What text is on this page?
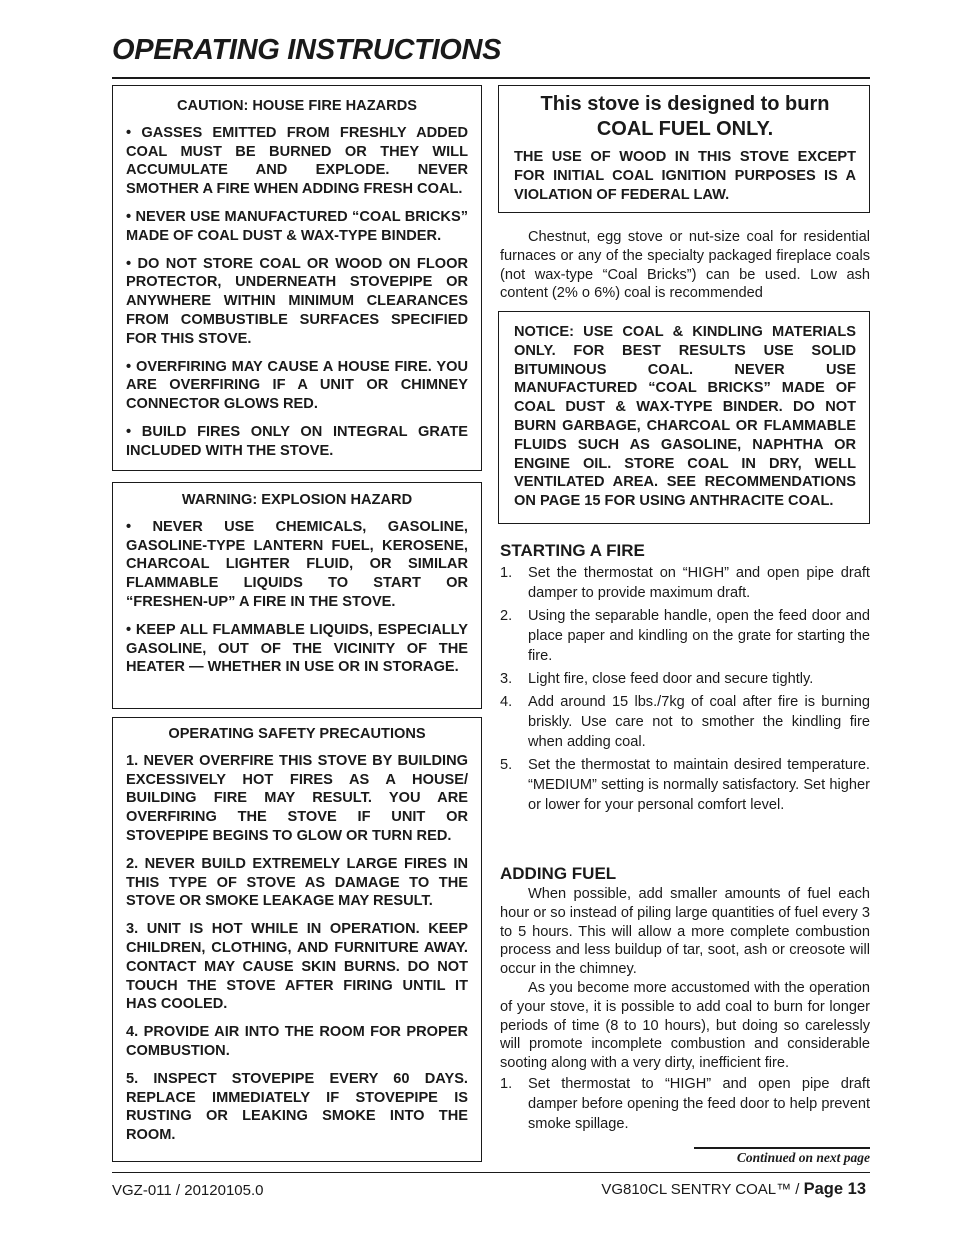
OPERATING INSTRUCTIONS
CAUTION: HOUSE FIRE HAZARDS

• GASSES EMITTED FROM FRESHLY ADDED COAL MUST BE BURNED OR THEY WILL ACCUMULATE AND EXPLODE. NEVER SMOTHER A FIRE WHEN ADDING FRESH COAL.

• NEVER USE MANUFACTURED “COAL BRICKS” MADE OF COAL DUST & WAX-TYPE BINDER.

• DO NOT STORE COAL OR WOOD ON FLOOR PROTECTOR, UNDERNEATH STOVEPIPE OR ANYWHERE WITHIN MINIMUM CLEARANCES FROM COMBUSTIBLE SURFACES SPECIFIED FOR THIS STOVE.

• OVERFIRING MAY CAUSE A HOUSE FIRE. YOU ARE OVERFIRING IF A UNIT OR CHIMNEY CONNECTOR GLOWS RED.

• BUILD FIRES ONLY ON INTEGRAL GRATE INCLUDED WITH THE STOVE.

WARNING: EXPLOSION HAZARD

• NEVER USE CHEMICALS, GASOLINE, GASOLINE-TYPE LANTERN FUEL, KEROSENE, CHARCOAL LIGHTER FLUID, OR SIMILAR FLAMMABLE LIQUIDS TO START OR “FRESHEN-UP” A FIRE IN THE STOVE.

• KEEP ALL FLAMMABLE LIQUIDS, ESPECIALLY GASOLINE, OUT OF THE VICINITY OF THE HEATER — WHETHER IN USE OR IN STORAGE.

OPERATING SAFETY PRECAUTIONS

1. NEVER OVERFIRE THIS STOVE BY BUILDING EXCESSIVELY HOT FIRES AS A HOUSE/ BUILDING FIRE MAY RESULT. YOU ARE OVERFIRING THE STOVE IF UNIT OR STOVEPIPE BEGINS TO GLOW OR TURN RED.

2. NEVER BUILD EXTREMELY LARGE FIRES IN THIS TYPE OF STOVE AS DAMAGE TO THE STOVE OR SMOKE LEAKAGE MAY RESULT.

3. UNIT IS HOT WHILE IN OPERATION. KEEP CHILDREN, CLOTHING, AND FURNITURE AWAY. CONTACT MAY CAUSE SKIN BURNS. DO NOT TOUCH THE STOVE AFTER FIRING UNTIL IT HAS COOLED.

4. PROVIDE AIR INTO THE ROOM FOR PROPER COMBUSTION.

5. INSPECT STOVEPIPE EVERY 60 DAYS. REPLACE IMMEDIATELY IF STOVEPIPE IS RUSTING OR LEAKING SMOKE INTO THE ROOM.

This stove is designed to burn
COAL FUEL ONLY.

THE USE OF WOOD IN THIS STOVE EXCEPT FOR INITIAL COAL IGNITION PURPOSES IS A VIOLATION OF FEDERAL LAW.

Chestnut, egg stove or nut-size coal for residential furnaces or any of the specialty packaged fireplace coals (not wax-type “Coal Bricks”) can be used. Low ash content (2% o 6%) coal is recommended

NOTICE: USE COAL & KINDLING MATERIALS ONLY. FOR BEST RESULTS USE SOLID BITUMINOUS COAL. NEVER USE MANUFACTURED “COAL BRICKS” MADE OF COAL DUST & WAX-TYPE BINDER. DO NOT BURN GARBAGE, CHARCOAL OR FLAMMABLE FLUIDS SUCH AS GASOLINE, NAPHTHA OR ENGINE OIL. STORE COAL IN DRY, WELL VENTILATED AREA. SEE RECOMMENDATIONS ON PAGE 15 FOR USING ANTHRACITE COAL.

STARTING A FIRE
1.	Set the thermostat on “HIGH” and open pipe draft damper to provide maximum draft.
2.	Using the separable handle, open the feed door and place paper and kindling on the grate for starting the fire.
3.	Light fire, close feed door and secure tightly.
4.	Add around 15 lbs./7kg of coal after fire is burning briskly. Use care not to smother the kindling fire when adding coal.
5.	Set the thermostat to maintain desired temperature. “MEDIUM” setting is normally satisfactory. Set higher or lower for your personal comfort level.
ADDING FUEL

When possible, add smaller amounts of fuel each hour or so instead of piling large quantities of fuel every 3 to 5 hours. This will allow a more complete combustion process and less buildup of tar, soot, ash or creosote will occur in the chimney.

As you become more accustomed with the operation of your stove, it is possible to add coal to burn for longer periods of time (8 to 10 hours), but doing so carelessly will promote incomplete combustion and considerable sooting along with a very dirty, inefficient fire.

1.	Set thermostat to “HIGH” and open pipe draft damper before opening the feed door to help prevent smoke spillage.
Continued on next page
VGZ-011 / 20120105.0	VG810CL SENTRY COAL™ / Page 13
